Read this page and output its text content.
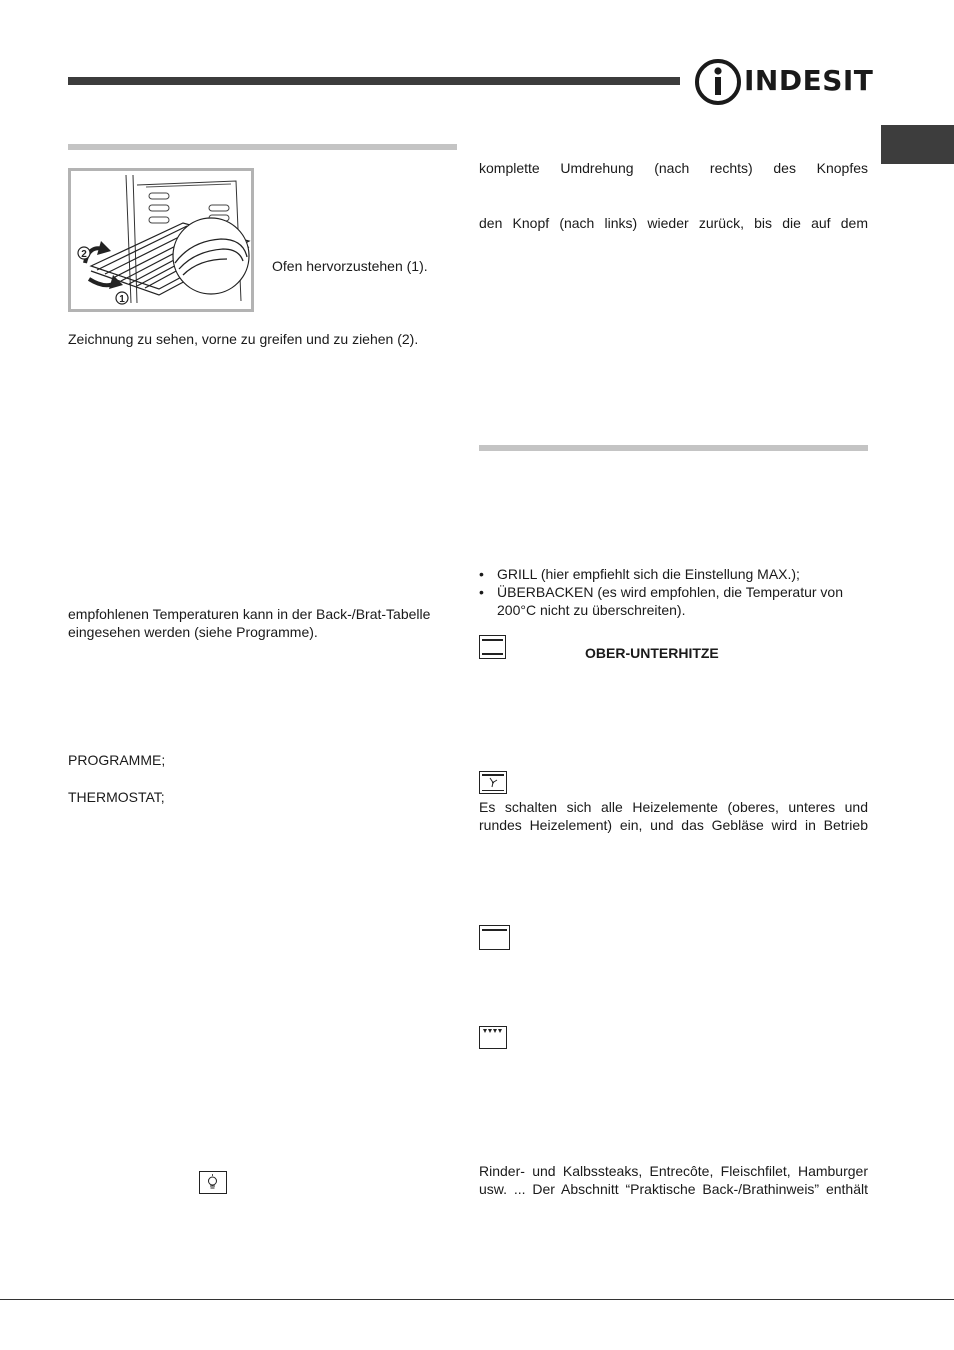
INDESIT
2
1
Ofen hervorzustehen (1).
Zeichnung zu sehen, vorne zu greifen und zu ziehen (2).
empfohlenen Temperaturen kann in der Back-/Brat-Tabelle
eingesehen werden (siehe Programme).
PROGRAMME;
THERMOSTAT;
komplette Umdrehung (nach rechts) des Knopfes
den Knopf (nach links) wieder zurück, bis die auf dem
• GRILL (hier empfiehlt sich die Einstellung MAX.);
• ÜBERBACKEN (es wird empfohlen, die Temperatur von 200°C nicht zu überschreiten).
OBER-UNTERHITZE
Es schalten sich alle Heizelemente (oberes, unteres und
rundes Heizelement) ein, und das Gebläse wird in Betrieb
Rinder- und Kalbssteaks, Entrecôte, Fleischfilet, Hamburger
usw. ... Der Abschnitt “Praktische Back-/Brathinweis” enthält
